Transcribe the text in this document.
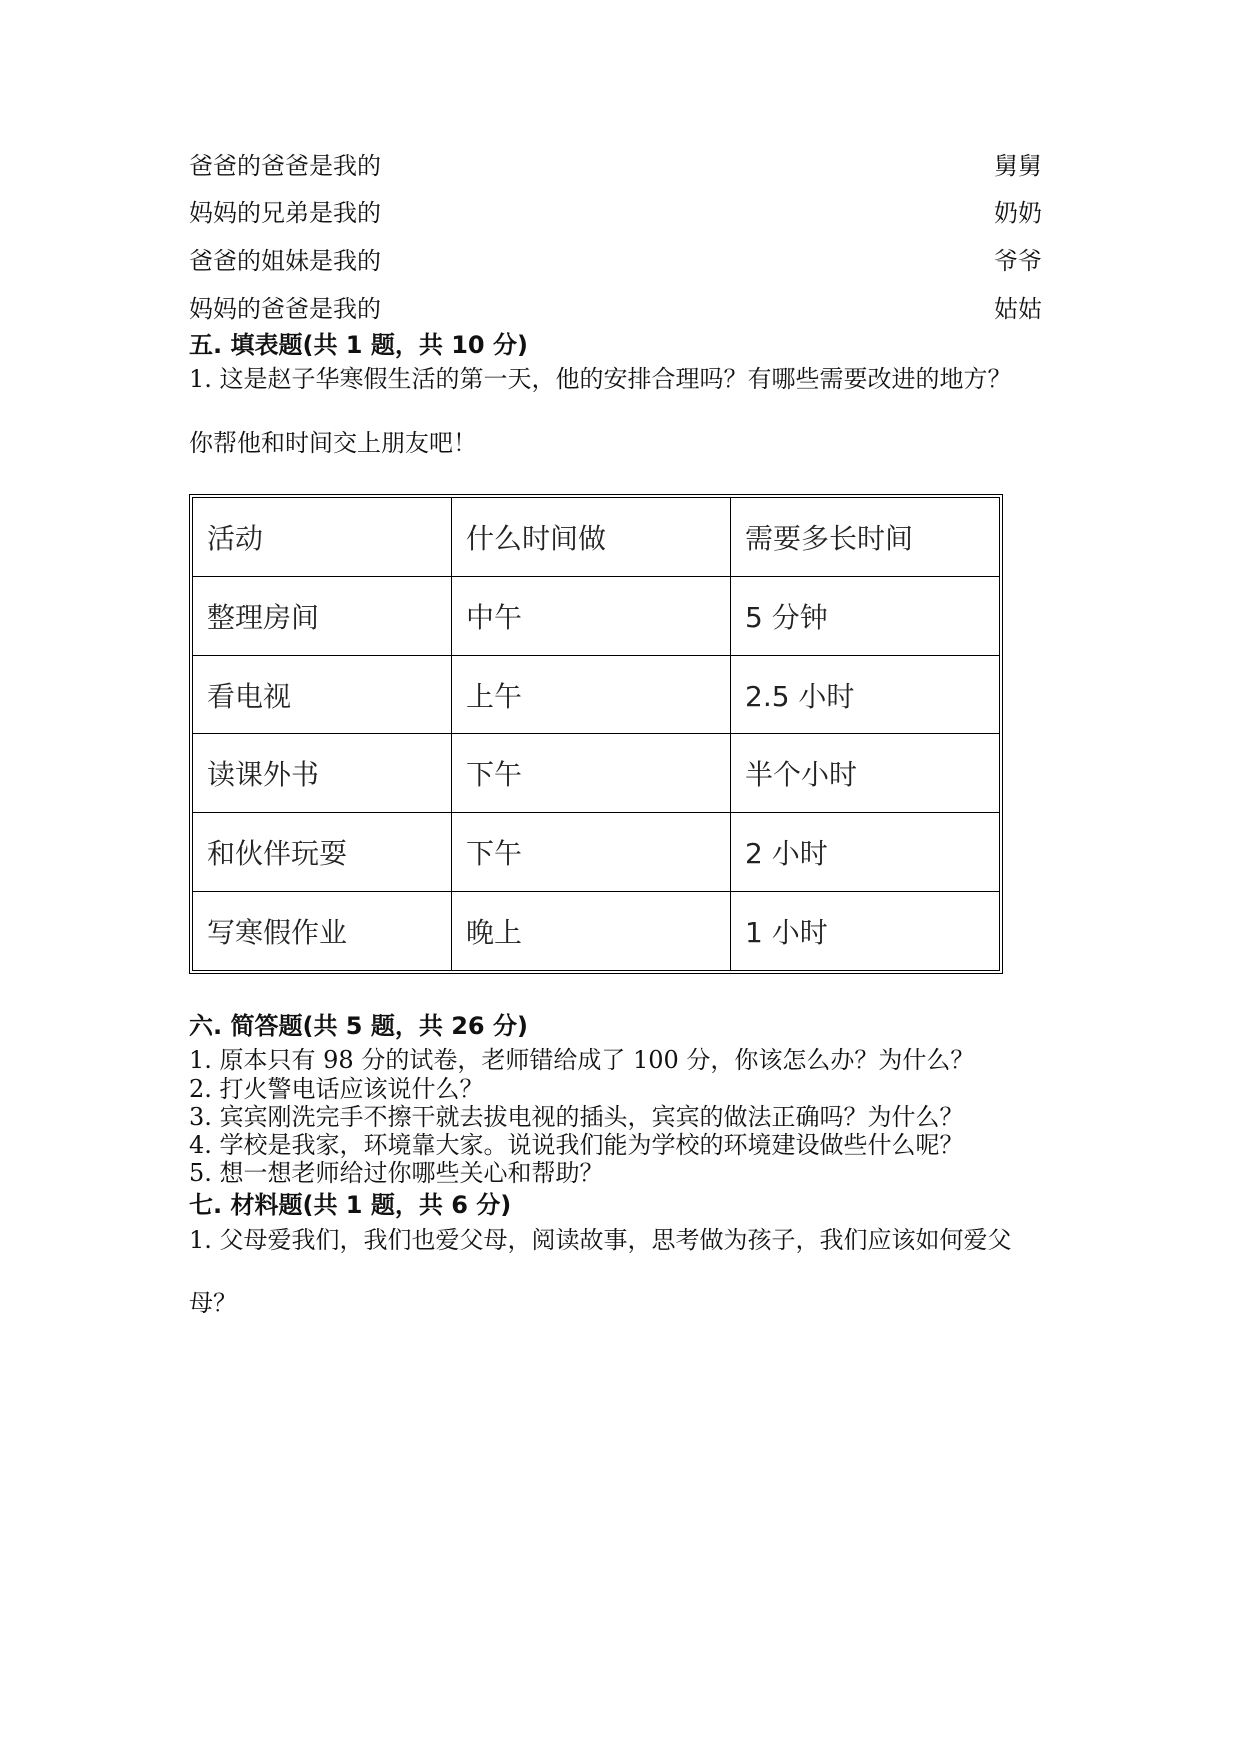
爸爸的爸爸是我的	舅舅
妈妈的兄弟是我的	奶奶
爸爸的姐妹是我的	爷爷
妈妈的爸爸是我的	姑姑
五. 填表题(共 1 题，共 10 分)
1. 这是赵子华寒假生活的第一天，他的安排合理吗？有哪些需要改进的地方？
你帮他和时间交上朋友吧！
活动	什么时间做	需要多长时间
整理房间	中午	5 分钟
看电视	上午	2.5 小时
读课外书	下午	半个小时
和伙伴玩耍	下午	2 小时
写寒假作业	晚上	1 小时
六. 简答题(共 5 题，共 26 分)
1. 原本只有 98 分的试卷，老师错给成了 100 分，你该怎么办？为什么？
2. 打火警电话应该说什么？
3. 宾宾刚洗完手不擦干就去拔电视的插头，宾宾的做法正确吗？为什么？
4. 学校是我家，环境靠大家。说说我们能为学校的环境建设做些什么呢？
5. 想一想老师给过你哪些关心和帮助？
七. 材料题(共 1 题，共 6 分)
1. 父母爱我们，我们也爱父母，阅读故事，思考做为孩子，我们应该如何爱父
母？
